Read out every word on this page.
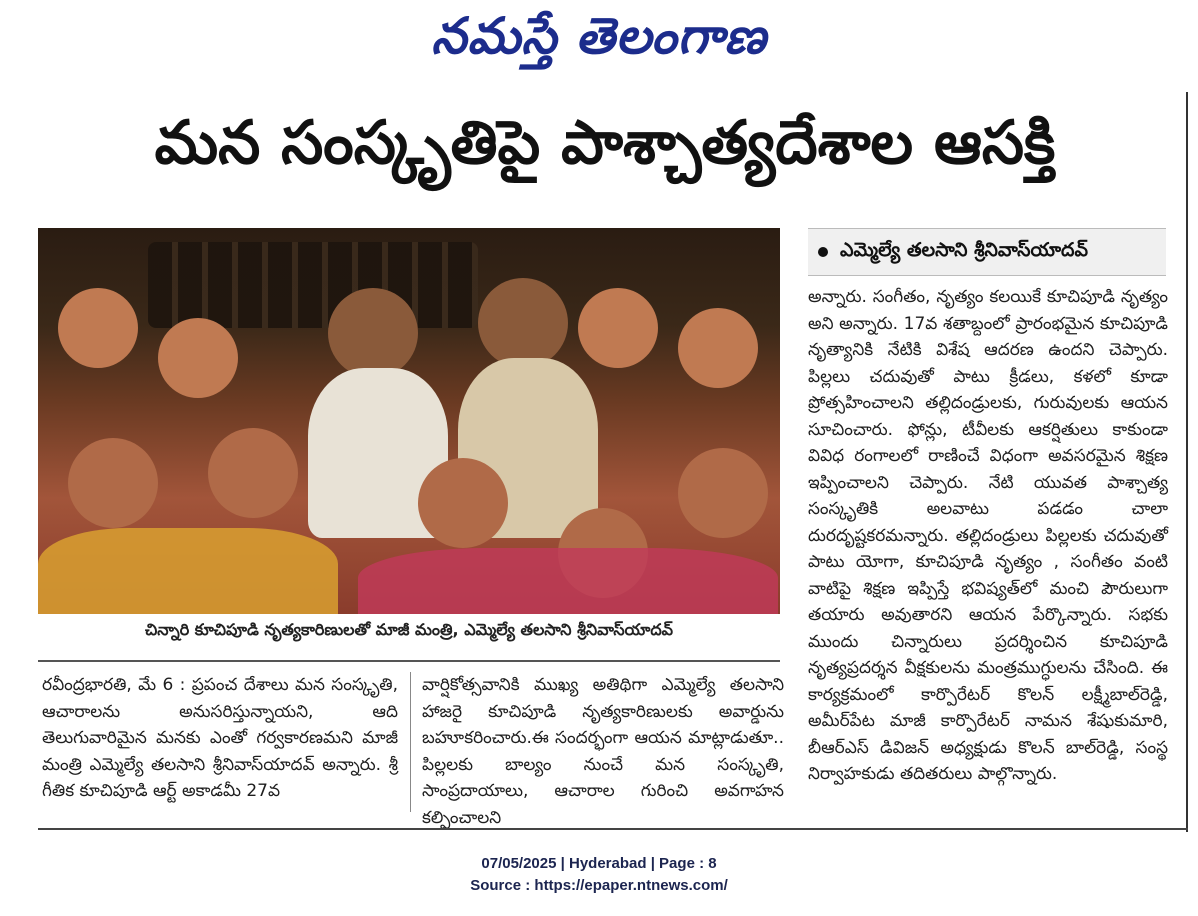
నమస్తే తెలంగాణ
మన సంస్కృతిపై పాశ్చాత్యదేశాల ఆసక్తి
చిన్నారి కూచిపూడి నృత్యకారిణులతో మాజీ మంత్రి, ఎమ్మెల్యే తలసాని శ్రీనివాస్‌యాదవ్
ఎమ్మెల్యే తలసాని శ్రీనివాస్‌యాదవ్
అన్నారు. సంగీతం, నృత్యం కలయికే కూచిపూడి నృత్యం అని అన్నారు. 17వ శతాబ్దంలో ప్రారంభమైన కూచిపూడి నృత్యానికి నేటికి విశేష ఆదరణ ఉందని చెప్పారు. పిల్లలు చదువుతో పాటు క్రీడలు, కళలో కూడా ప్రోత్సహించాలని తల్లిదండ్రులకు, గురువులకు ఆయన సూచించారు. ఫోన్లు, టీవీలకు ఆకర్షితులు కాకుండా వివిధ రంగాలలో రాణించే విధంగా అవసరమైన శిక్షణ ఇప్పించాలని చెప్పారు. నేటి యువత పాశ్చాత్య సంస్కృతికి అలవాటు పడడం చాలా దురదృష్టకరమన్నారు. తల్లిదండ్రులు పిల్లలకు చదువుతో పాటు యోగా, కూచిపూడి నృత్యం , సంగీతం వంటి వాటిపై శిక్షణ ఇప్పిస్తే భవిష్యత్‌లో మంచి పౌరులుగా తయారు అవుతారని ఆయన పేర్కొన్నారు. సభకు ముందు చిన్నారులు ప్రదర్శించిన కూచిపూడి నృత్యప్రదర్శన వీక్షకులను మంత్రముగ్ధులను చేసింది. ఈ కార్యక్రమంలో కార్పొరేటర్ కొలన్ లక్ష్మీబాల్‌రెడ్డి, అమీర్‌పేట మాజీ కార్పొరేటర్ నామన శేషుకుమారి, బీఆర్‌ఎస్ డివిజన్ అధ్యక్షుడు కొలన్ బాల్‌రెడ్డి, సంస్థ నిర్వాహకుడు తదితరులు పాల్గొన్నారు.
రవీంద్రభారతి, మే 6 : ప్రపంచ దేశాలు మన సంస్కృతి, ఆచారాలను అనుసరిస్తున్నాయని, ఆది తెలుగువారిమైన మనకు ఎంతో గర్వకారణమని మాజీ మంత్రి ఎమ్మెల్యే తలసాని శ్రీనివాస్‌యాదవ్ అన్నారు. శ్రీ గీతిక కూచిపూడి ఆర్ట్ అకాడమీ 27వ
వార్షికోత్సవానికి ముఖ్య అతిథిగా ఎమ్మెల్యే తలసాని హాజరై కూచిపూడి నృత్యకారిణులకు అవార్డును బహూకరించారు.ఈ సందర్భంగా ఆయన మాట్లాడుతూ.. పిల్లలకు బాల్యం నుంచే మన సంస్కృతి, సాంప్రదాయాలు, ఆచారాల గురించి అవగాహన కల్పించాలని
07/05/2025 | Hyderabad | Page : 8
Source : https://epaper.ntnews.com/
